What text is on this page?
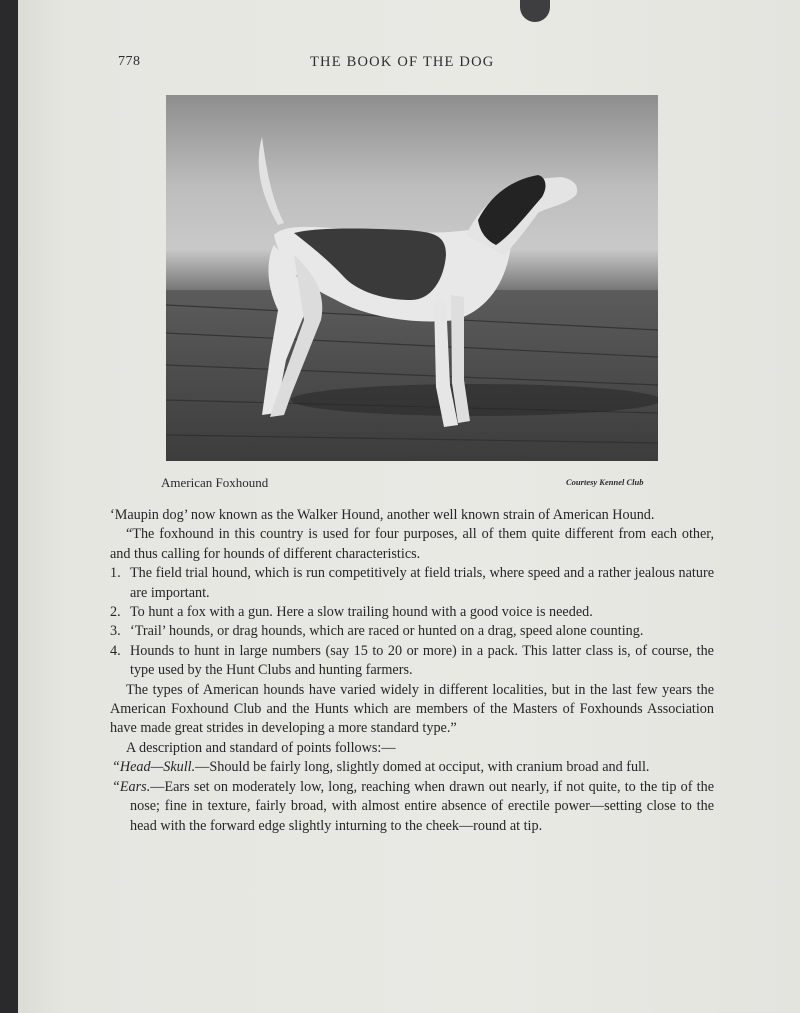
778	THE BOOK OF THE DOG
American Foxhound	Courtesy Kennel Club

‘Maupin dog’ now known as the Walker Hound, another well known strain of American Hound.

“The foxhound in this country is used for four purposes, all of them quite different from each other, and thus calling for hounds of different characteristics.

1. The field trial hound, which is run competitively at field trials, where speed and a rather jealous nature are important.

2. To hunt a fox with a gun. Here a slow trailing hound with a good voice is needed.

3. ‘Trail’ hounds, or drag hounds, which are raced or hunted on a drag, speed alone counting.

4. Hounds to hunt in large numbers (say 15 to 20 or more) in a pack. This latter class is, of course, the type used by the Hunt Clubs and hunting farmers.

The types of American hounds have varied widely in different localities, but in the last few years the American Foxhound Club and the Hunts which are members of the Masters of Foxhounds Association have made great strides in developing a more standard type.”

A description and standard of points follows:—

“Head—Skull.—Should be fairly long, slightly domed at occiput, with cranium broad and full.

“Ears.—Ears set on moderately low, long, reaching when drawn out nearly, if not quite, to the tip of the nose; fine in texture, fairly broad, with almost entire absence of erectile power—setting close to the head with the forward edge slightly inturning to the cheek—round at tip.
